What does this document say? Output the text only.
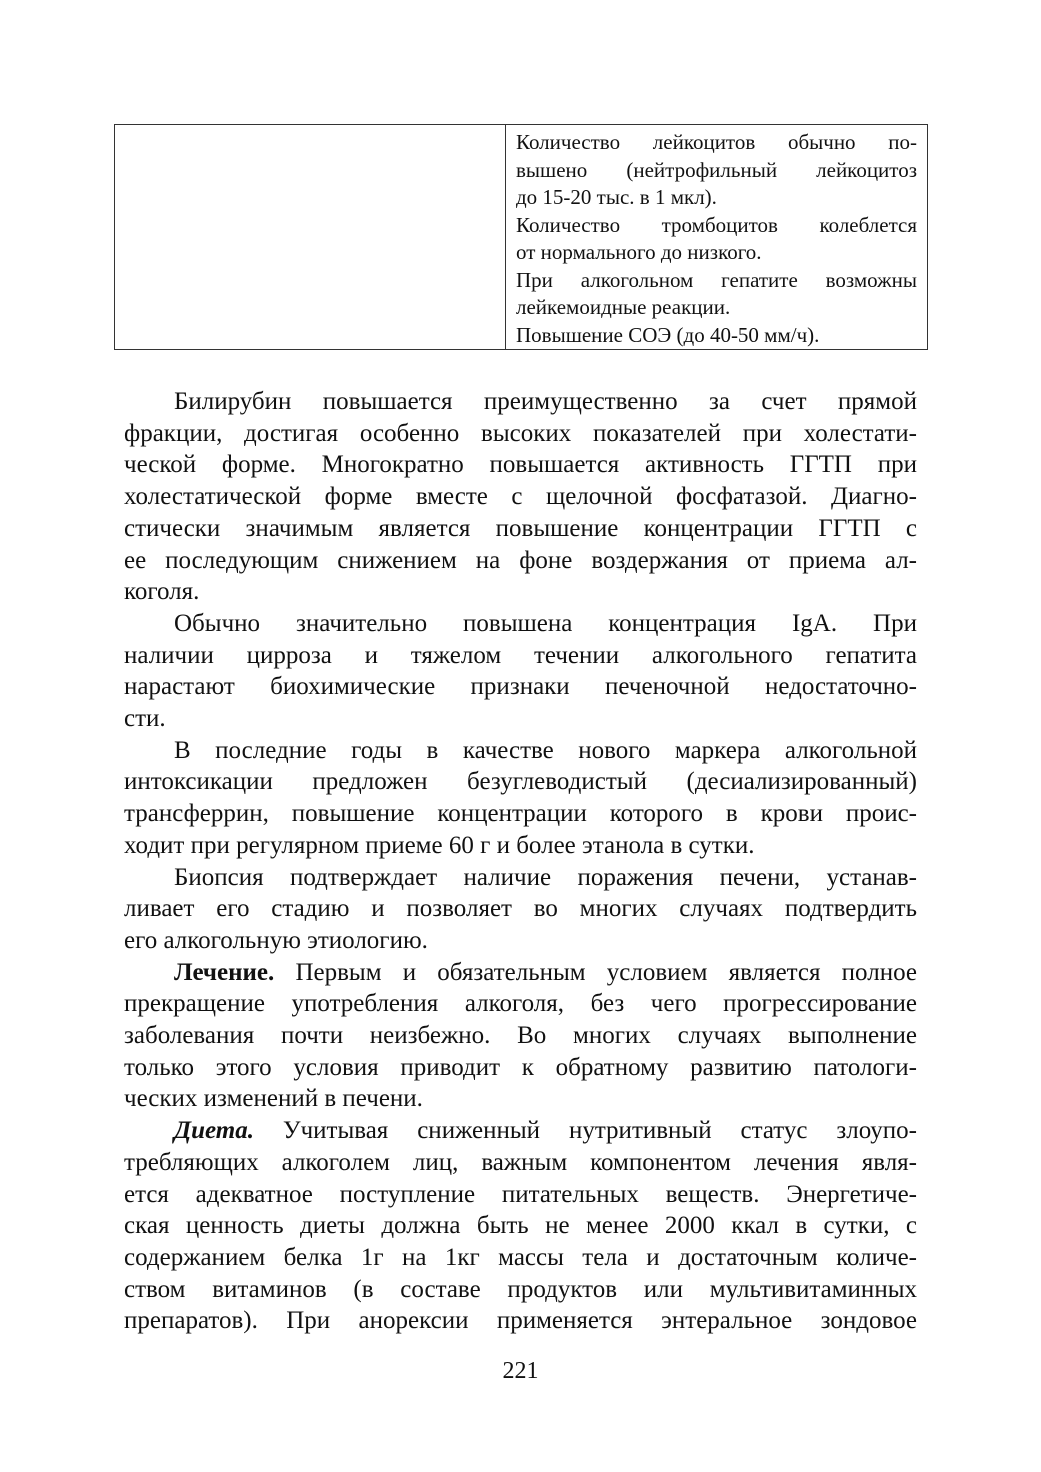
Количество лейкоцитов обычно по-
вышено (нейтрофильный лейкоцитоз
до 15-20 тыс. в 1 мкл).
Количество тромбоцитов колеблется
от нормального до низкого.
При алкогольном гепатите возможны
лейкемоидные реакции.
Повышение СОЭ (до 40-50 мм/ч).
Билирубин повышается преимущественно за счет прямой
фракции, достигая особенно высоких показателей при холестати-
ческой форме. Многократно повышается активность ГГТП при
холестатической форме вместе с щелочной фосфатазой. Диагно-
стически значимым является повышение концентрации ГГТП с
ее последующим снижением на фоне воздержания от приема ал-
коголя.
Обычно значительно повышена концентрация IgA. При
наличии цирроза и тяжелом течении алкогольного гепатита
нарастают биохимические признаки печеночной недостаточно-
сти.
В последние годы в качестве нового маркера алкогольной
интоксикации предложен безуглеводистый (десиализированный)
трансферрин, повышение концентрации которого в крови проис-
ходит при регулярном приеме 60 г и более этанола в сутки.
Биопсия подтверждает наличие поражения печени, устанав-
ливает его стадию и позволяет во многих случаях подтвердить
его алкогольную этиологию.
Лечение. Первым и обязательным условием является полное
прекращение употребления алкоголя, без чего прогрессирование
заболевания почти неизбежно. Во многих случаях выполнение
только этого условия приводит к обратному развитию патологи-
ческих изменений в печени.
Диета. Учитывая сниженный нутритивный статус злоупо-
требляющих алкоголем лиц, важным компонентом лечения явля-
ется адекватное поступление питательных веществ. Энергетиче-
ская ценность диеты должна быть не менее 2000 ккал в сутки, с
содержанием белка 1г на 1кг массы тела и достаточным количе-
ством витаминов (в составе продуктов или мультивитаминных
препаратов). При анорексии применяется энтеральное зондовое
221
